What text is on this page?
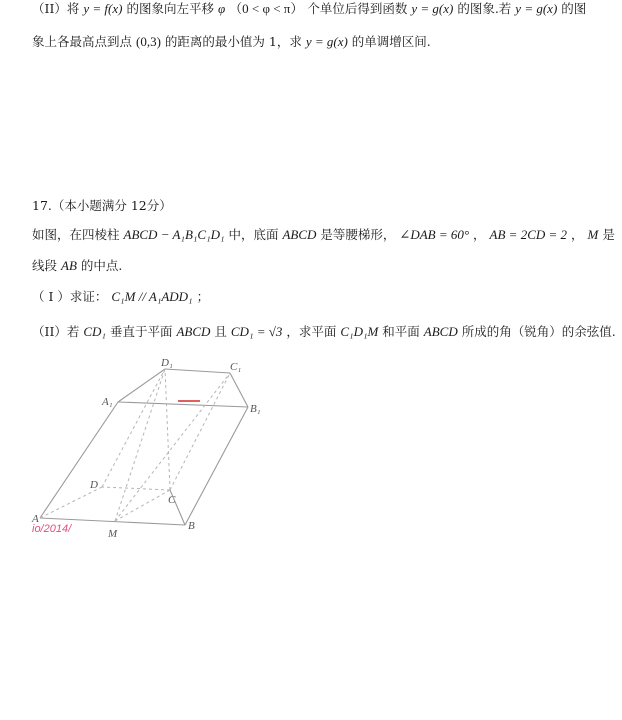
（II）将 y = f(x) 的图象向左平移 φ （0 < φ < π） 个单位后得到函数 y = g(x) 的图象.若 y = g(x) 的图
象上各最高点到点 (0,3) 的距离的最小值为 1，求 y = g(x) 的单调增区间.
17.（本小题满分 12分）
如图，在四棱柱 ABCD − A₁B₁C₁D₁ 中，底面 ABCD 是等腰梯形， ∠DAB = 60° ， AB = 2CD = 2 ， M 是
线段 AB 的中点.
（ I ）求证： C₁M // A₁ADD₁ ；
（II）若 CD₁ 垂直于平面 ABCD 且 CD₁ = √3 ，求平面 C₁D₁M 和平面 ABCD 所成的角（锐角）的余弦值.
D₁	C₁
A₁
B₁
D
C
A
B
M
io/2014/
